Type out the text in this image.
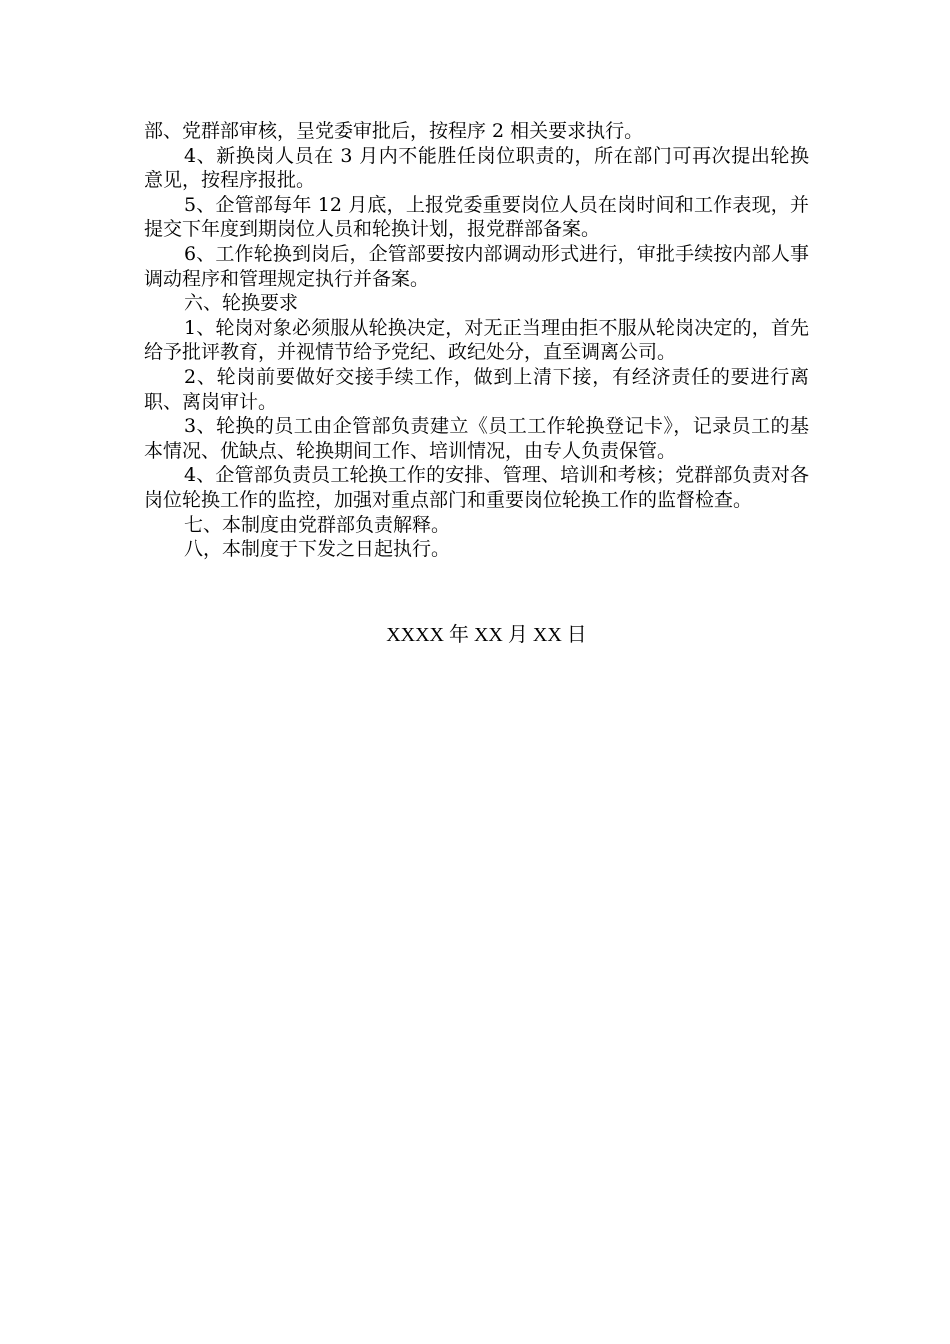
部、党群部审核，呈党委审批后，按程序 2 相关要求执行。

4、新换岗人员在 3 月内不能胜任岗位职责的，所在部门可再次提出轮换意见，按程序报批。

5、企管部每年 12 月底，上报党委重要岗位人员在岗时间和工作表现，并提交下年度到期岗位人员和轮换计划，报党群部备案。

6、工作轮换到岗后，企管部要按内部调动形式进行，审批手续按内部人事调动程序和管理规定执行并备案。

六、轮换要求

1、轮岗对象必须服从轮换决定，对无正当理由拒不服从轮岗决定的，首先给予批评教育，并视情节给予党纪、政纪处分，直至调离公司。

2、轮岗前要做好交接手续工作，做到上清下接，有经济责任的要进行离职、离岗审计。

3、轮换的员工由企管部负责建立《员工工作轮换登记卡》，记录员工的基本情况、优缺点、轮换期间工作、培训情况，由专人负责保管。

4、企管部负责员工轮换工作的安排、管理、培训和考核；党群部负责对各岗位轮换工作的监控，加强对重点部门和重要岗位轮换工作的监督检查。

七、本制度由党群部负责解释。

八，本制度于下发之日起执行。

XXXX 年 XX 月 XX 日
